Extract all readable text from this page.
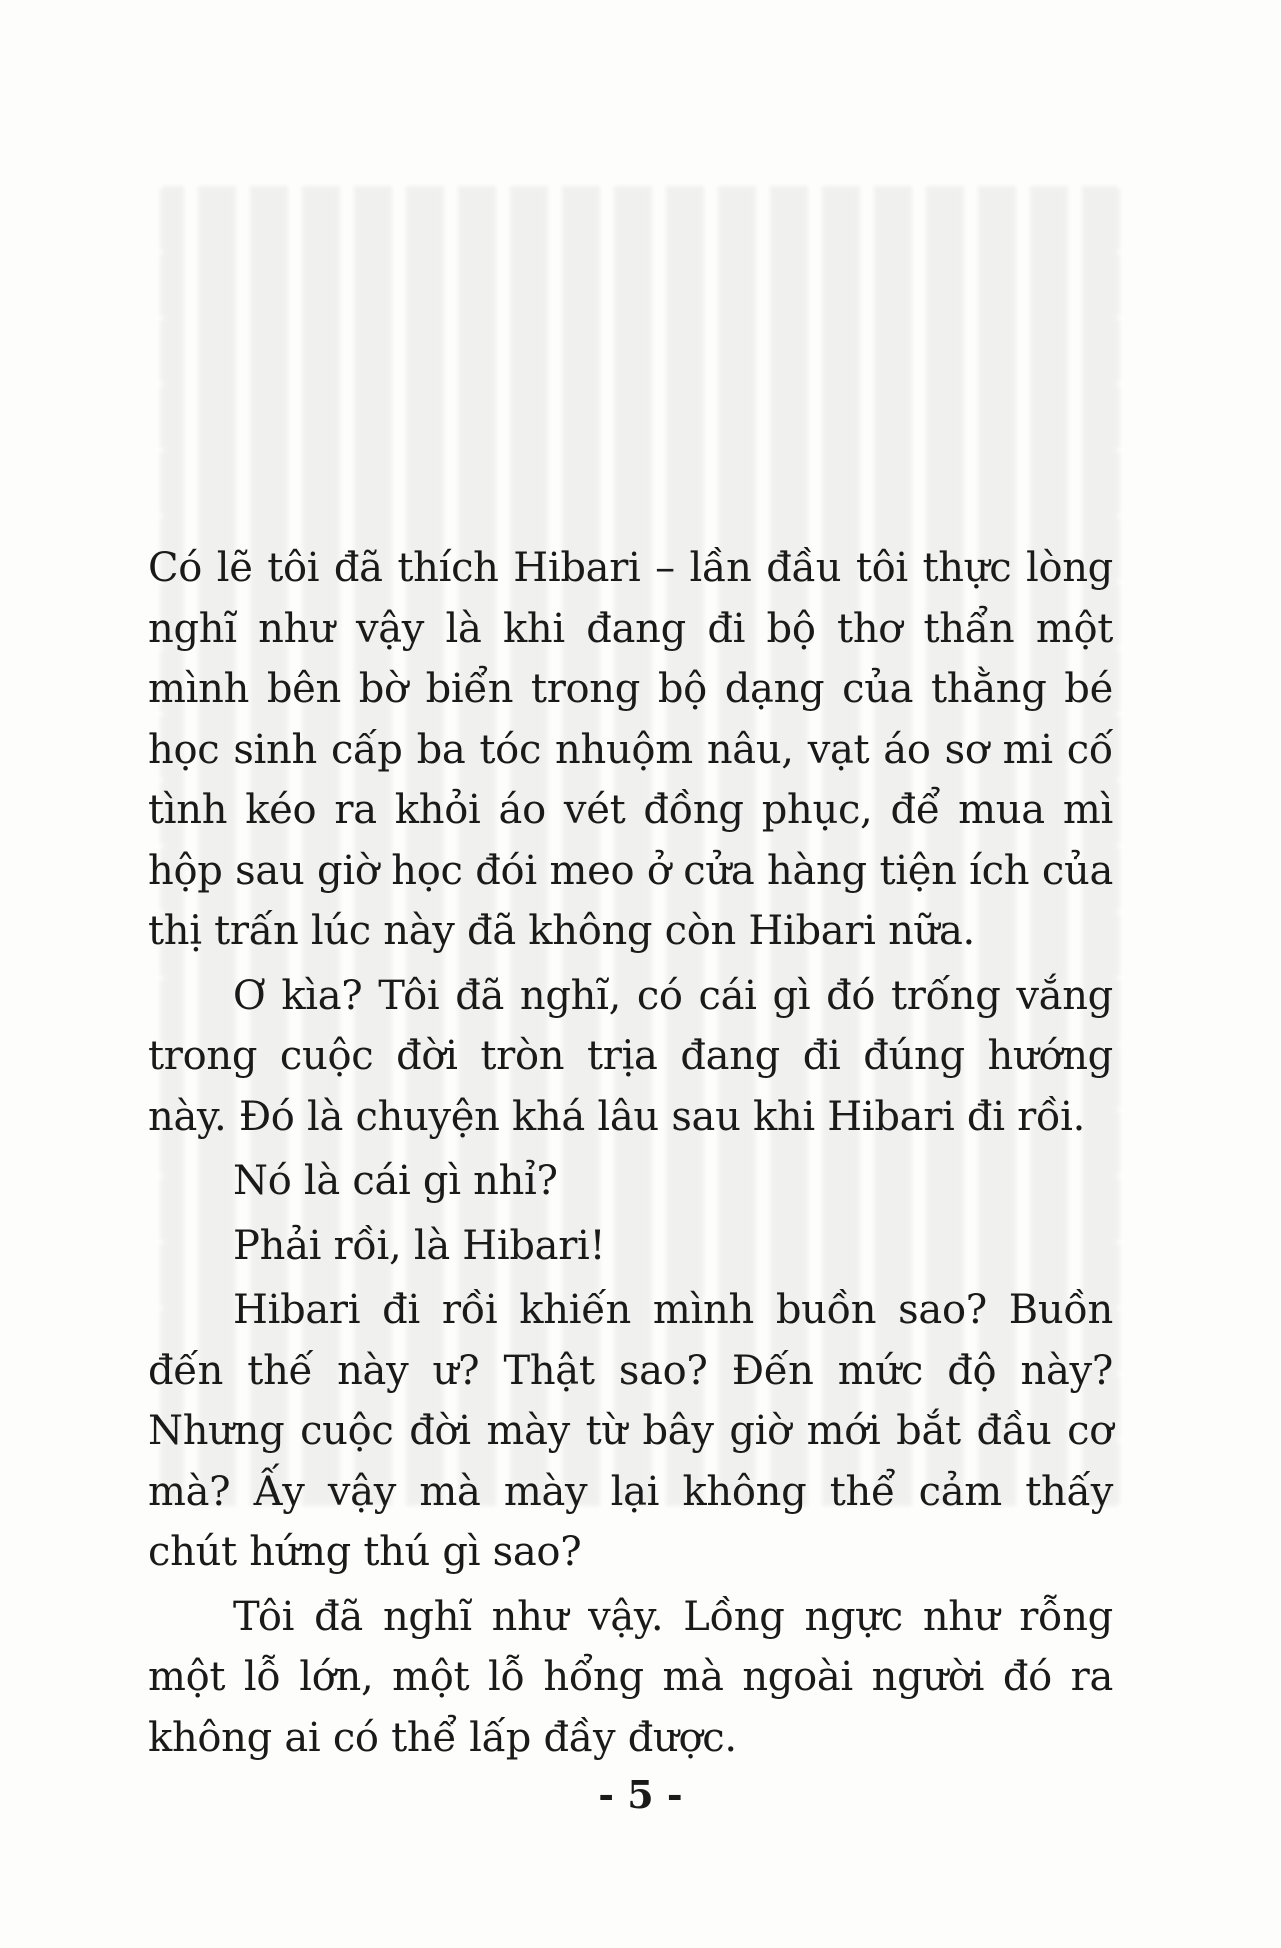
Có lẽ tôi đã thích Hibari – lần đầu tôi thực lòng nghĩ như vậy là khi đang đi bộ thơ thẩn một mình bên bờ biển trong bộ dạng của thằng bé học sinh cấp ba tóc nhuộm nâu, vạt áo sơ mi cố tình kéo ra khỏi áo vét đồng phục, để mua mì hộp sau giờ học đói meo ở cửa hàng tiện ích của thị trấn lúc này đã không còn Hibari nữa.

Ơ kìa? Tôi đã nghĩ, có cái gì đó trống vắng trong cuộc đời tròn trịa đang đi đúng hướng này. Đó là chuyện khá lâu sau khi Hibari đi rồi.

Nó là cái gì nhỉ?

Phải rồi, là Hibari!

Hibari đi rồi khiến mình buồn sao? Buồn đến thế này ư? Thật sao? Đến mức độ này? Nhưng cuộc đời mày từ bây giờ mới bắt đầu cơ mà? Ấy vậy mà mày lại không thể cảm thấy chút hứng thú gì sao?

Tôi đã nghĩ như vậy. Lồng ngực như rỗng một lỗ lớn, một lỗ hổng mà ngoài người đó ra không ai có thể lấp đầy được.

- 5 -
